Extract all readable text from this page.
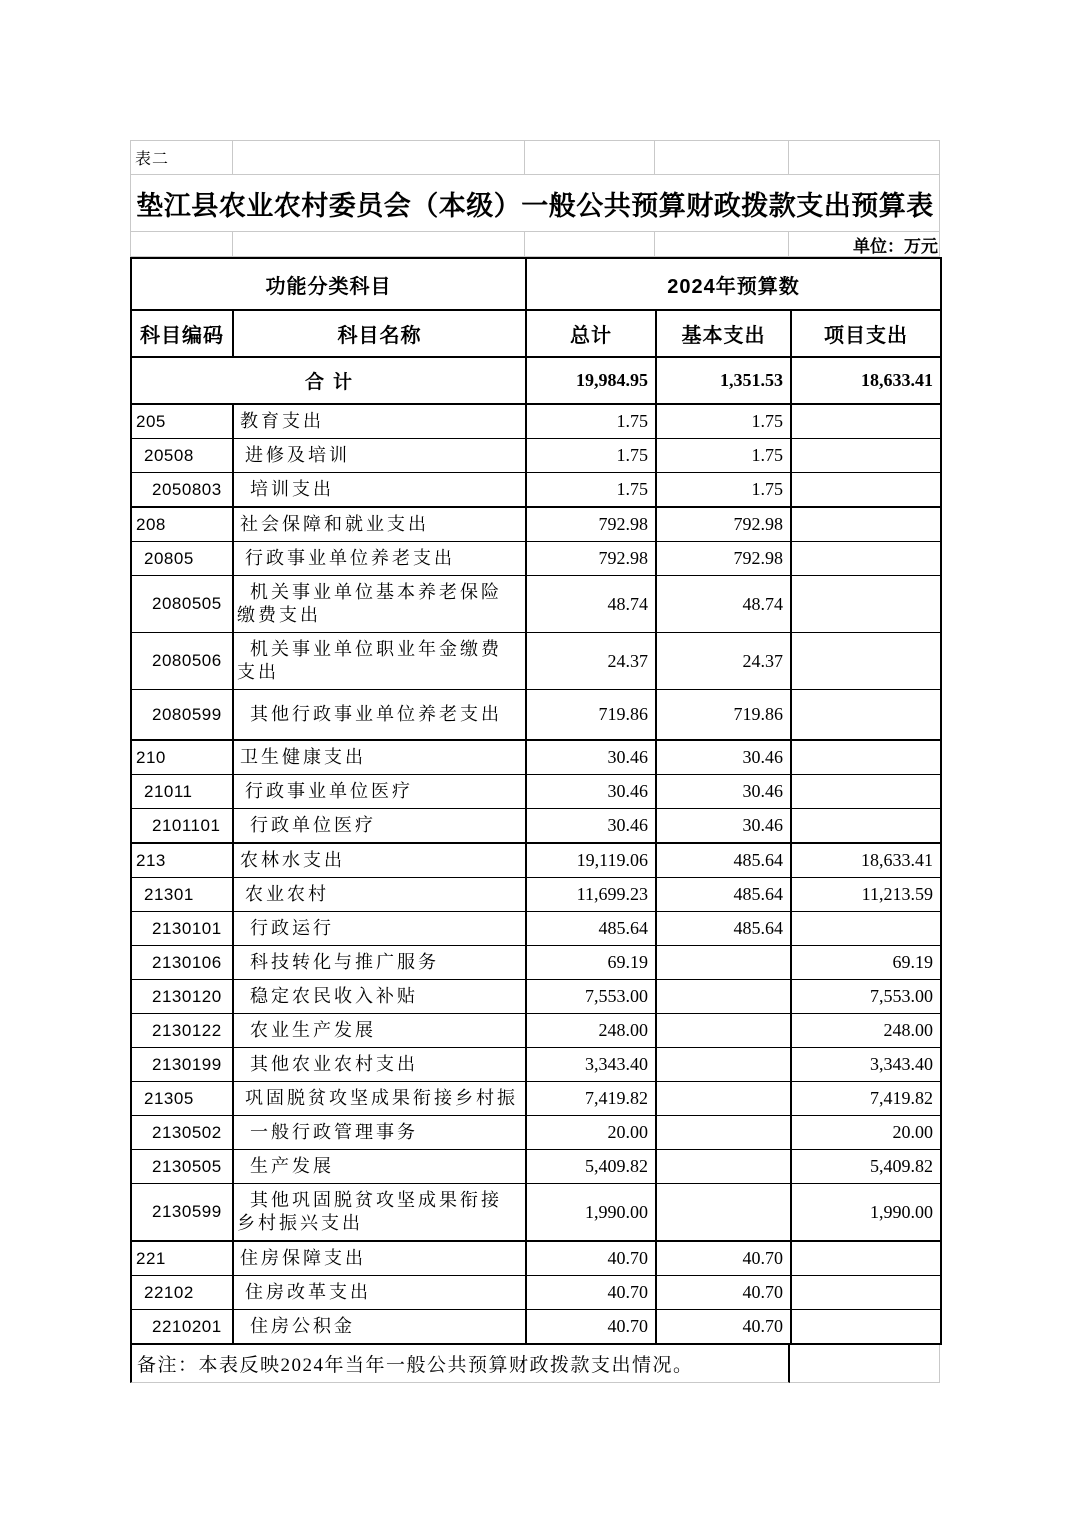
表二
垫江县农业农村委员会（本级）一般公共预算财政拨款支出预算表
单位：万元
功能分类科目		2024年预算数		
科目编码	科目名称	总计	基本支出	项目支出
合计		19,984.95	1,351.53	18,633.41
205	教育支出	1.75	1.75	
20508	进修及培训	1.75	1.75	
2050803	培训支出	1.75	1.75	
208	社会保障和就业支出	792.98	792.98	
20805	行政事业单位养老支出	792.98	792.98	
2080505	机关事业单位基本养老保险缴费支出	48.74	48.74	
2080506	机关事业单位职业年金缴费支出	24.37	24.37	
2080599	其他行政事业单位养老支出	719.86	719.86	
210	卫生健康支出	30.46	30.46	
21011	行政事业单位医疗	30.46	30.46	
2101101	行政单位医疗	30.46	30.46	
213	农林水支出	19,119.06	485.64	18,633.41
21301	农业农村	11,699.23	485.64	11,213.59
2130101	行政运行	485.64	485.64	
2130106	科技转化与推广服务	69.19		69.19
2130120	稳定农民收入补贴	7,553.00		7,553.00
2130122	农业生产发展	248.00		248.00
2130199	其他农业农村支出	3,343.40		3,343.40
21305	巩固脱贫攻坚成果衔接乡村振	7,419.82		7,419.82
2130502	一般行政管理事务	20.00		20.00
2130505	生产发展	5,409.82		5,409.82
2130599	其他巩固脱贫攻坚成果衔接乡村振兴支出	1,990.00		1,990.00
221	住房保障支出	40.70	40.70	
22102	住房改革支出	40.70	40.70	
2210201	住房公积金	40.70	40.70	
备注：本表反映2024年当年一般公共预算财政拨款支出情况。
